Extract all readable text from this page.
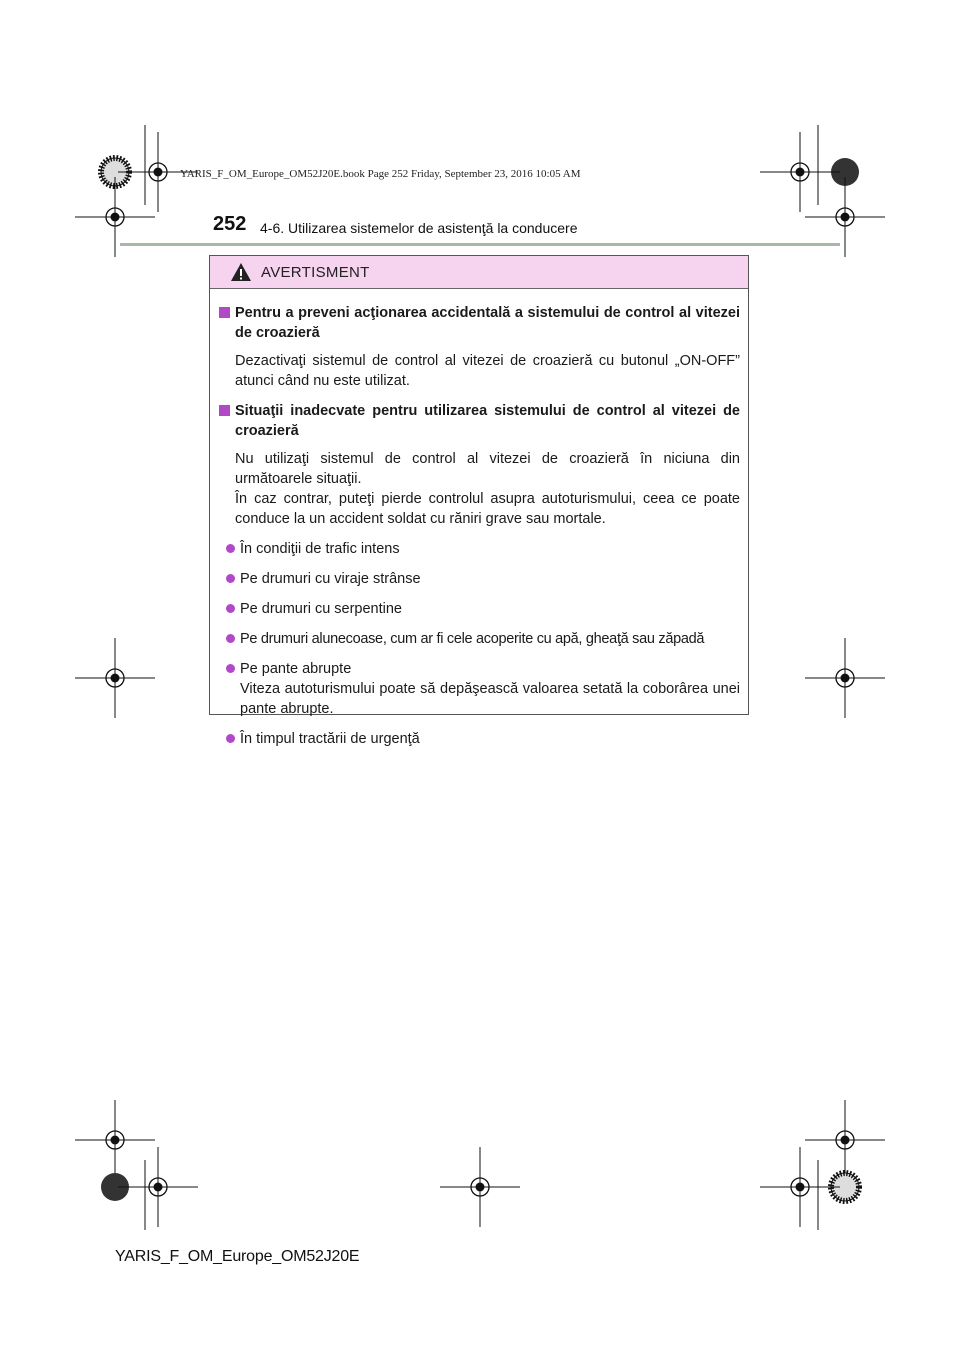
YARIS_F_OM_Europe_OM52J20E.book Page 252 Friday, September 23, 2016 10:05 AM
252 4-6. Utilizarea sistemelor de asistenţă la conducere
AVERTISMENT
Pentru a preveni acţionarea accidentală a sistemului de control al vitezei de croazieră
Dezactivaţi sistemul de control al vitezei de croazieră cu butonul „ON-OFF” atunci când nu este utilizat.
Situaţii inadecvate pentru utilizarea sistemului de control al vitezei de croazieră
Nu utilizaţi sistemul de control al vitezei de croazieră în niciuna din următoarele situaţii.
În caz contrar, puteţi pierde controlul asupra autoturismului, ceea ce poate conduce la un accident soldat cu răniri grave sau mortale.
În condiţii de trafic intens
Pe drumuri cu viraje strânse
Pe drumuri cu serpentine
Pe drumuri alunecoase, cum ar fi cele acoperite cu apă, gheaţă sau zăpadă
Pe pante abrupte
Viteza autoturismului poate să depăşească valoarea setată la coborârea unei pante abrupte.
În timpul tractării de urgenţă
YARIS_F_OM_Europe_OM52J20E
